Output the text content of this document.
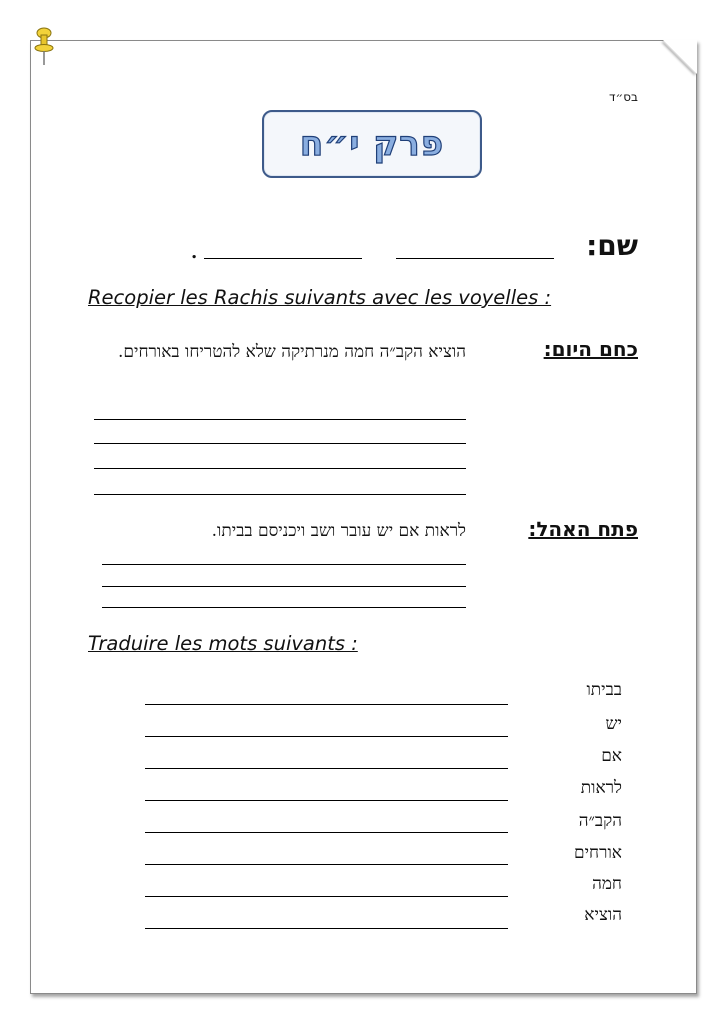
בס״ד
פרק י״ח
שם:
.
Recopier les Rachis suivants avec les voyelles :
כחם היום:
הוציא הקב״ה חמה מנרתיקה שלא להטריחו באורחים.
פתח האהל:
לראות אם יש עובר ושב ויכניסם בביתו.
Traduire les mots suivants :
בביתו
יש
אם
לראות
הקב״ה
אורחים
חמה
הוציא
